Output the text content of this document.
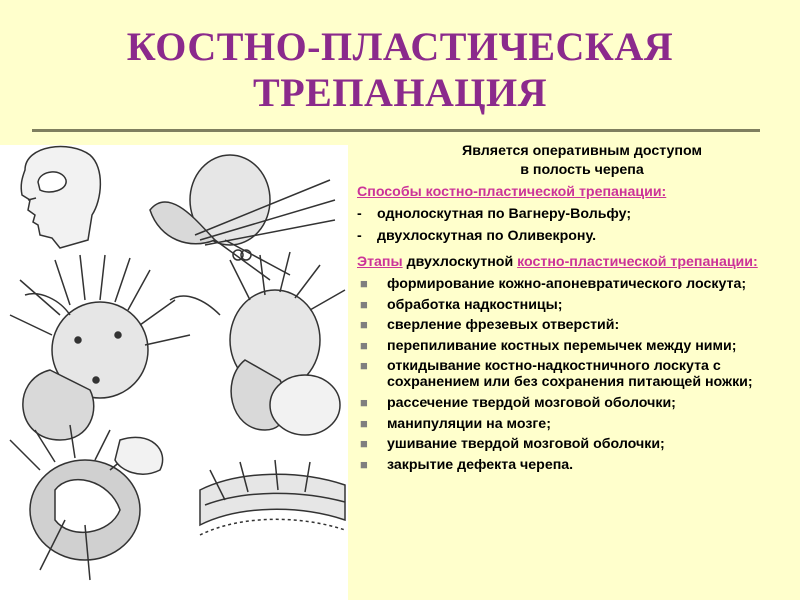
КОСТНО-ПЛАСТИЧЕСКАЯ
ТРЕПАНАЦИЯ
Является оперативным доступом
в полость черепа
Способы костно-пластической трепанации:
- однолоскутная по Вагнеру-Вольфу;
- двухлоскутная по Оливекрону.
Этапы двухлоскутной костно-пластической трепанации:
■ формирование кожно-апоневратического лоскута;
■ обработка надкостницы;
■ сверление фрезевых отверстий:
■ перепиливание костных перемычек между ними;
■ откидывание костно-надкостничного лоскута с сохранением или без сохранения питающей ножки;
■ рассечение твердой мозговой оболочки;
■ манипуляции на мозге;
■ ушивание твердой мозговой оболочки;
■ закрытие дефекта черепа.
